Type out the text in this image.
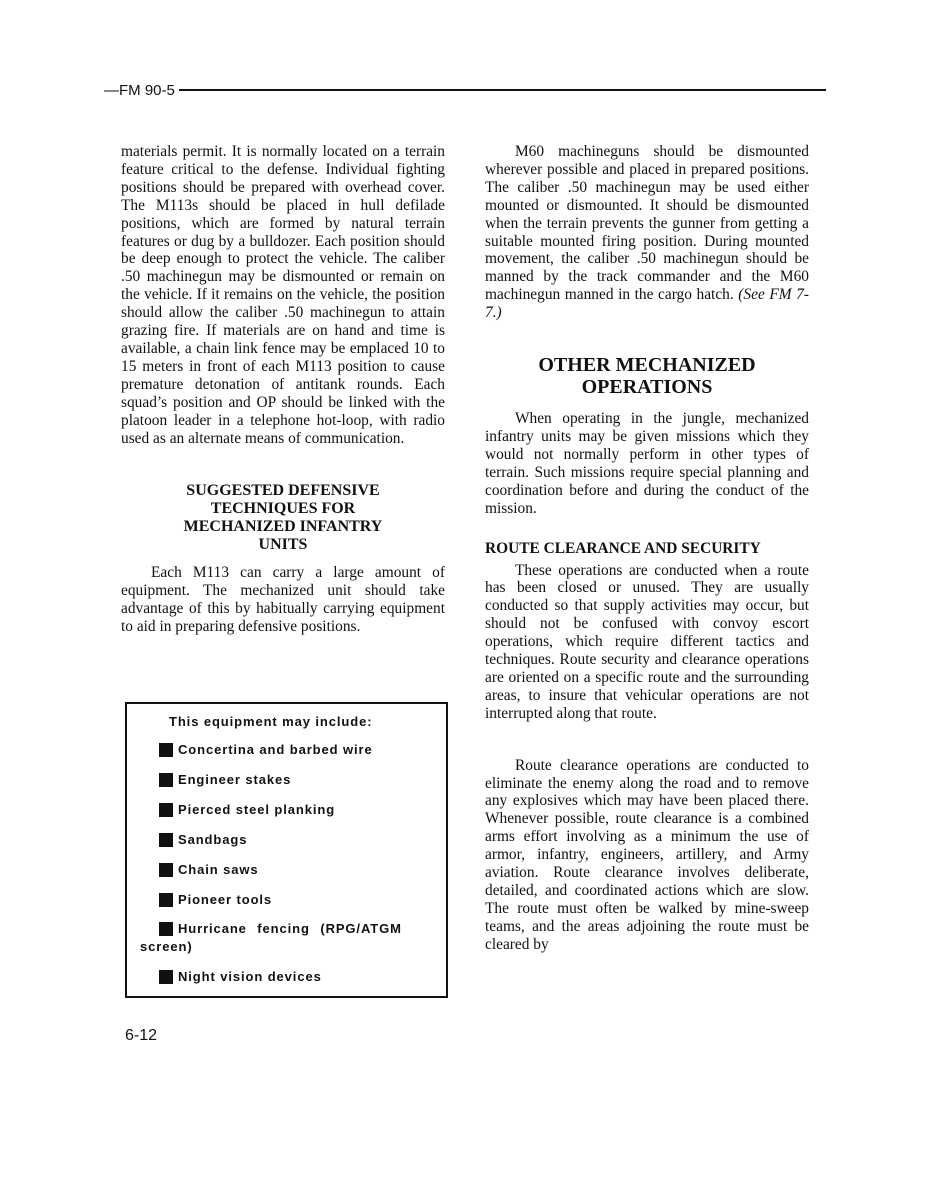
—FM 90-5

materials permit. It is normally located on a terrain feature critical to the defense. Individual fighting positions should be prepared with overhead cover. The M113s should be placed in hull defilade positions, which are formed by natural terrain features or dug by a bulldozer. Each position should be deep enough to protect the vehicle. The caliber .50 machinegun may be dismounted or remain on the vehicle. If it remains on the vehicle, the position should allow the caliber .50 machinegun to attain grazing fire. If materials are on hand and time is available, a chain link fence may be emplaced 10 to 15 meters in front of each M113 position to cause premature detonation of antitank rounds. Each squad’s position and OP should be linked with the platoon leader in a telephone hot-loop, with radio used as an alternate means of communication.

SUGGESTED DEFENSIVE TECHNIQUES FOR MECHANIZED INFANTRY UNITS

Each M113 can carry a large amount of equipment. The mechanized unit should take advantage of this by habitually carrying equipment to aid in preparing defensive positions.

This equipment may include:
Concertina and barbed wire
Engineer stakes
Pierced steel planking
Sandbags
Chain saws
Pioneer tools
Hurricane fencing (RPG/ATGM
screen)
Night vision devices

M60 machineguns should be dismounted wherever possible and placed in prepared positions. The caliber .50 machinegun may be used either mounted or dismounted. It should be dismounted when the terrain prevents the gunner from getting a suitable mounted firing position. During mounted movement, the caliber .50 machinegun should be manned by the track commander and the M60 machinegun manned in the cargo hatch. (See FM 7-7.)

OTHER MECHANIZED OPERATIONS

When operating in the jungle, mechanized infantry units may be given missions which they would not normally perform in other types of terrain. Such missions require special planning and coordination before and during the conduct of the mission.

ROUTE CLEARANCE AND SECURITY

These operations are conducted when a route has been closed or unused. They are usually conducted so that supply activities may occur, but should not be confused with convoy escort operations, which require different tactics and techniques. Route security and clearance operations are oriented on a specific route and the surrounding areas, to insure that vehicular operations are not interrupted along that route.

Route clearance operations are conducted to eliminate the enemy along the road and to remove any explosives which may have been placed there. Whenever possible, route clearance is a combined arms effort involving as a minimum the use of armor, infantry, engineers, artillery, and Army aviation. Route clearance involves deliberate, detailed, and coordinated actions which are slow. The route must often be walked by mine-sweep teams, and the areas adjoining the route must be cleared by

6-12
